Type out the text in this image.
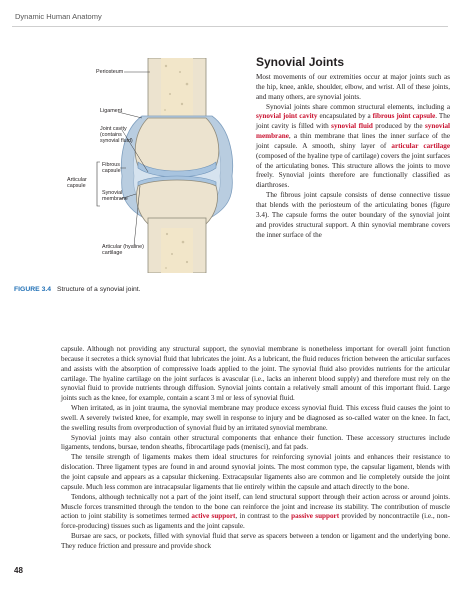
Dynamic Human Anatomy
Periosteum
Ligament
Joint cavity
(contains
synovial fluid)
Fibrous
capsule
Synovial
membrane
Articular
capsule
Articular (hyaline)
cartilage
FIGURE 3.4 Structure of a synovial joint.
Synovial Joints

Most movements of our extremities occur at major joints such as the hip, knee, ankle, shoulder, elbow, and wrist. All of these joints, and many others, are synovial joints.

Synovial joints share common structural elements, including a synovial joint cavity encapsulated by a fibrous joint capsule. The joint cavity is filled with synovial fluid produced by the synovial membrane, a thin membrane that lines the inner surface of the joint capsule. A smooth, shiny layer of articular cartilage (composed of the hyaline type of cartilage) covers the joint surfaces of the articulating bones. This structure allows the joints to move freely. Synovial joints therefore are functionally classified as diarthroses.

The fibrous joint capsule consists of dense connective tissue that blends with the periosteum of the articulating bones (figure 3.4). The capsule forms the outer boundary of the synovial joint and provides structural support. A thin synovial membrane covers the inner surface of the

capsule. Although not providing any structural support, the synovial membrane is nonetheless important for overall joint function because it secretes a thick synovial fluid that lubricates the joint. As a lubricant, the fluid reduces friction between the articular surfaces and assists with the absorption of compressive loads applied to the joint. The synovial fluid also provides nutrients for the articular cartilage. The hyaline cartilage on the joint surfaces is avascular (i.e., lacks an inherent blood supply) and therefore must rely on the synovial fluid to provide nutrients through diffusion. Synovial joints contain a relatively small amount of this important fluid. Large joints such as the knee, for example, contain a scant 3 ml or less of synovial fluid.

When irritated, as in joint trauma, the synovial membrane may produce excess synovial fluid. This excess fluid causes the joint to swell. A severely twisted knee, for example, may swell in response to injury and be diagnosed as so-called water on the knee. In fact, the swelling results from overproduction of synovial fluid by an irritated synovial membrane.

Synovial joints may also contain other structural components that enhance their function. These accessory structures include ligaments, tendons, bursae, tendon sheaths, fibrocartilage pads (menisci), and fat pads.

The tensile strength of ligaments makes them ideal structures for reinforcing synovial joints and enhances their resistance to dislocation. Three ligament types are found in and around synovial joints. The most common type, the capsular ligament, blends with the joint capsule and appears as a capsular thickening. Extracapsular ligaments also are common and lie completely outside the joint capsule. Much less common are intracapsular ligaments that lie entirely within the capsule and attach directly to the bone.

Tendons, although technically not a part of the joint itself, can lend structural support through their action across or around joints. Muscle forces transmitted through the tendon to the bone can reinforce the joint and increase its stability. The contribution of muscle action to joint stability is sometimes termed active support, in contrast to the passive support provided by noncontractile (i.e., non-force-producing) tissues such as ligaments and the joint capsule.

Bursae are sacs, or pockets, filled with synovial fluid that serve as spacers between a tendon or ligament and the underlying bone. They reduce friction and pressure and provide shock

48
